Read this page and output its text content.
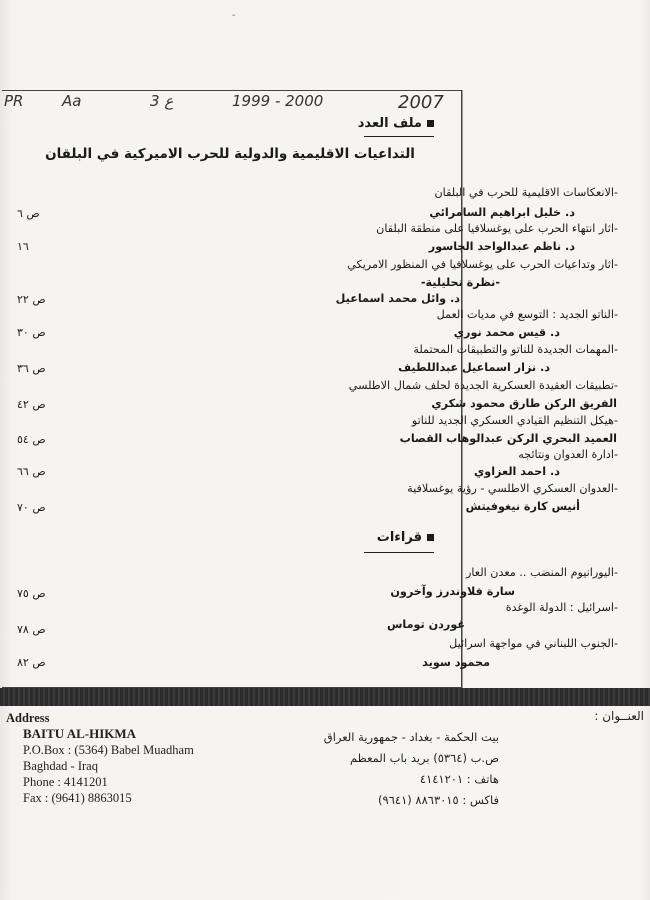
-
PR	Aa	3 ع	1999 - 2000	2007
ملف العدد
التداعيات الاقليمية والدولية للحرب الاميركية في البلقان
-الانعكاسات الاقليمية للحرب في البلقان
د. خليل ابراهيم السامرائي
ص ٦
-اثار انتهاء الحرب على يوغسلافيا على منطقة البلقان
د. ناظم عبدالواحد الجاسور
١٦
-اثار وتداعيات الحرب على يوغسلافيا في المنظور الامريكي
-نظرة تحليلية-
د. وائل محمد اسماعيل
ص ٢٢
-الناتو الجديد : التوسع في مديات العمل
د. قيس محمد نوري
ص ٣٠
-المهمات الجديدة للناتو والتطبيقات المحتملة
د. نزار اسماعيل عبداللطيف
ص ٣٦
-تطبيقات العقيدة العسكرية الجديدة لحلف شمال الاطلسي
الفريق الركن طارق محمود شكري
ص ٤٢
-هيكل التنظيم القيادي العسكري الجديد للناتو
العميد البحري الركن عبدالوهاب القصاب
ص ٥٤
-ادارة العدوان ونتائجه
د. احمد العزاوي
ص ٦٦
-العدوان العسكري الاطلسي - رؤية يوغسلافية
أنيس كارة نيغوفيتش
ص ٧٠
قراءات
-اليورانيوم المنضب .. معدن العار
سارة فلاوندرز وآخرون
ص ٧٥
-اسرائيل : الدولة الوغدة
غوردن توماس
ص ٧٨
-الجنوب اللبناني في مواجهة اسرائيل
محمود سويد
ص ٨٢
Address
BAITU AL-HIKMA
P.O.Box : (5364) Babel Muadham
Baghdad - Iraq
Phone : 4141201
Fax : (9641) 8863015
العنــوان :
بيت الحكمة - بغداد - جمهورية العراق
ص.ب (٥٣٦٤) بريد باب المعظم
هاتف : ٤١٤١٢٠١
فاكس : ٨٨٦٣٠١٥ (٩٦٤١)
